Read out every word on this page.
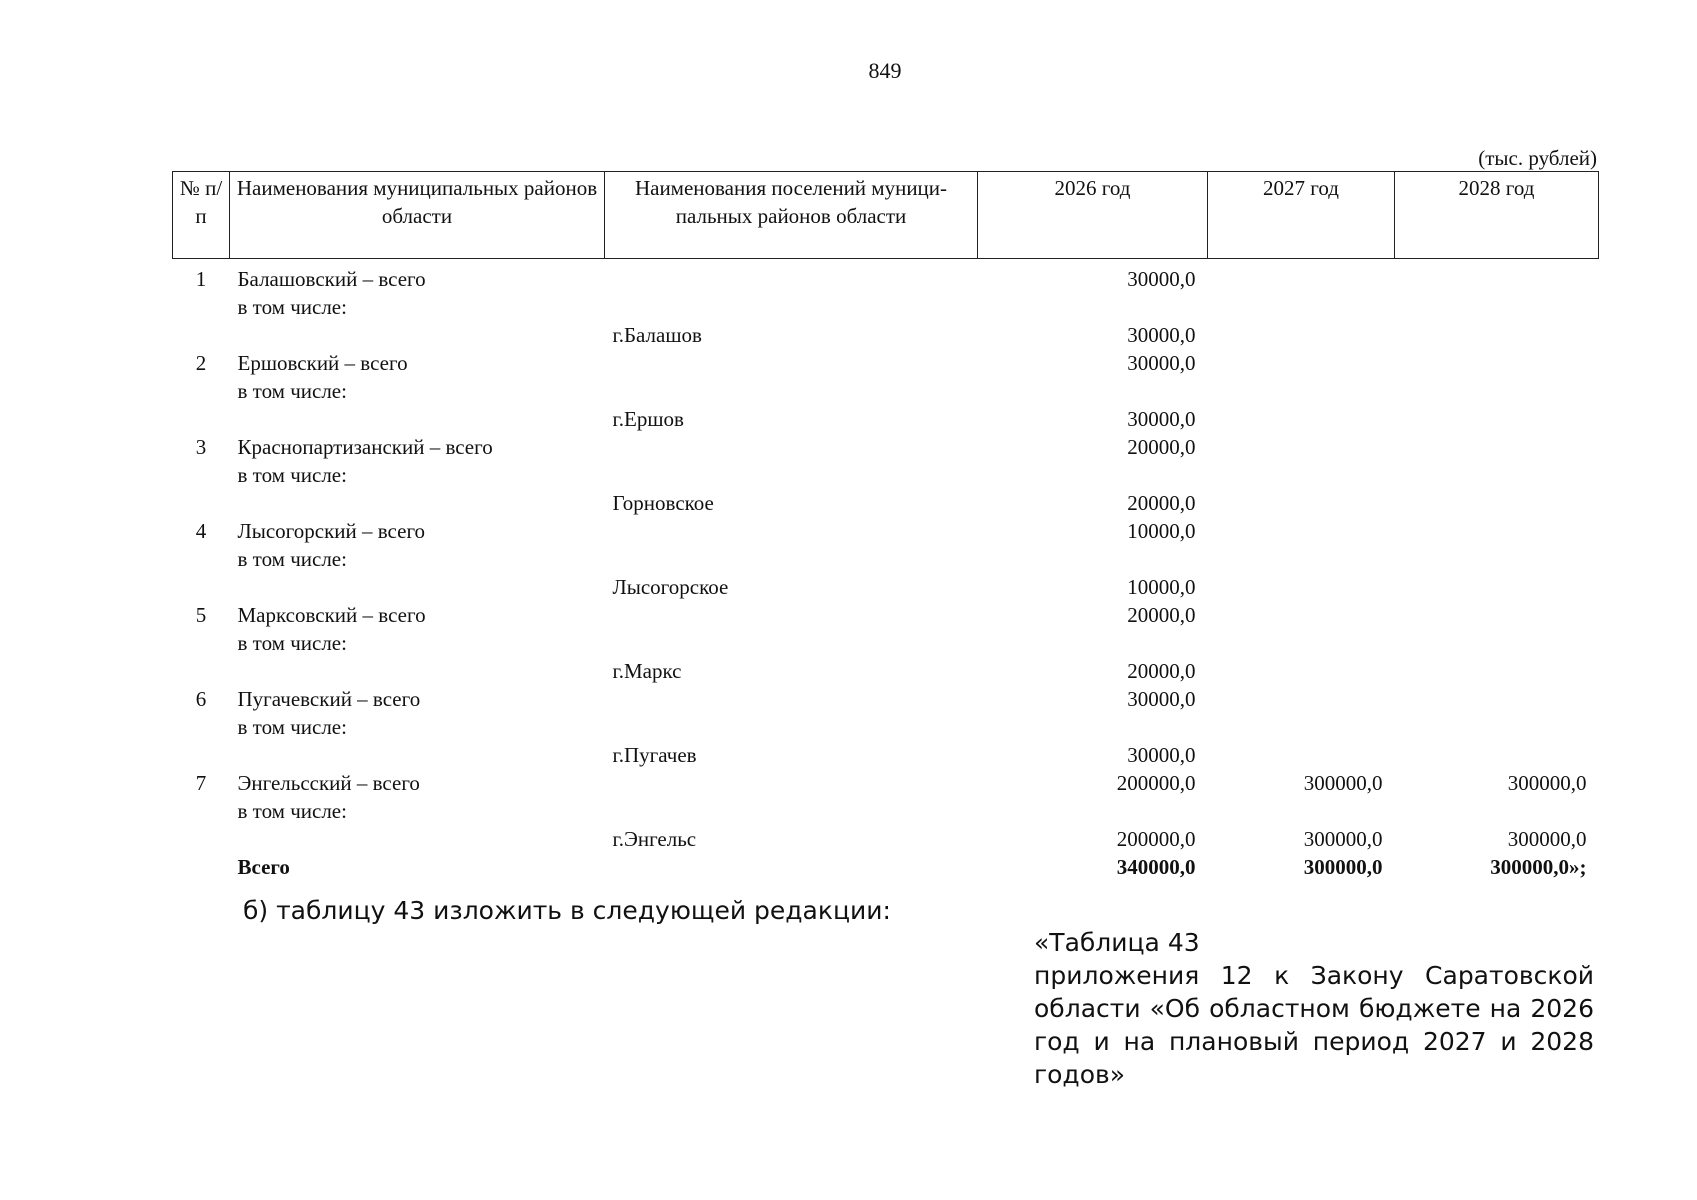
849
(тыс. рублей)
№ п/п	Наименования муниципальных районов области	Наименования поселений муници-пальных районов области	2026 год	2027 год	2028 год
1	Балашовский – всего		30000,0		
	в том числе:				
		г.Балашов	30000,0		
2	Ершовский – всего		30000,0		
	в том числе:				
		г.Ершов	30000,0		
3	Краснопартизанский – всего		20000,0		
	в том числе:				
		Горновское	20000,0		
4	Лысогорский – всего		10000,0		
	в том числе:				
		Лысогорское	10000,0		
5	Марксовский – всего		20000,0		
	в том числе:				
		г.Маркс	20000,0		
6	Пугачевский – всего		30000,0		
	в том числе:				
		г.Пугачев	30000,0		
7	Энгельсский – всего		200000,0	300000,0	300000,0
	в том числе:				
		г.Энгельс	200000,0	300000,0	300000,0
	Всего		340000,0	300000,0	300000,0»;
б) таблицу 43 изложить в следующей редакции:
«Таблица 43
приложения 12 к Закону Саратовской области «Об областном бюджете на 2026 год и на плановый период 2027 и 2028 годов»
